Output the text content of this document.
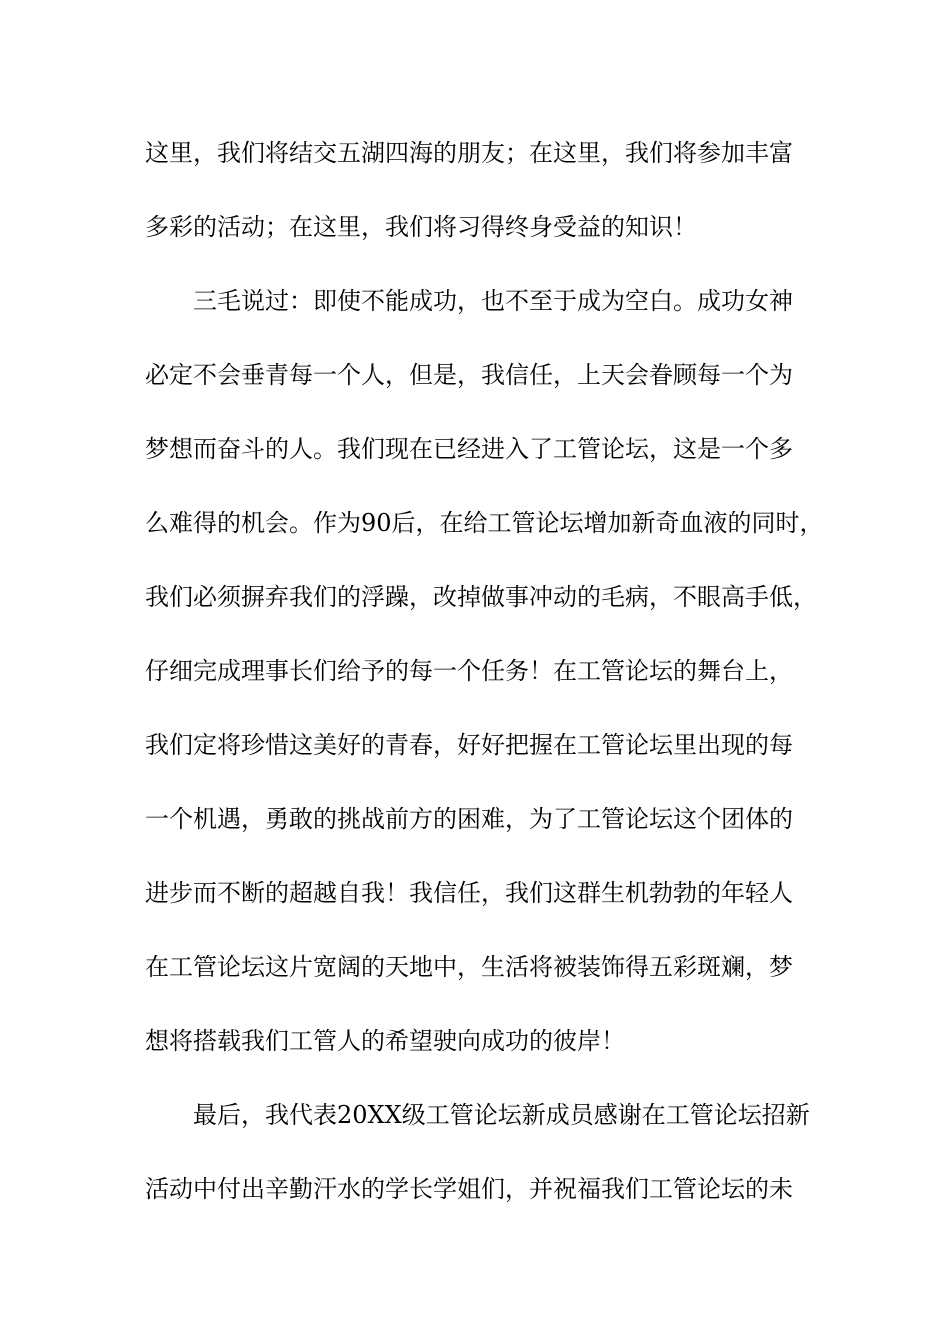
这里，我们将结交五湖四海的朋友；在这里，我们将参加丰富
多彩的活动；在这里，我们将习得终身受益的知识！
三毛说过：即使不能成功，也不至于成为空白。成功女神
必定不会垂青每一个人，但是，我信任，上天会眷顾每一个为
梦想而奋斗的人。我们现在已经进入了工管论坛，这是一个多
么难得的机会。作为90后，在给工管论坛增加新奇血液的同时，
我们必须摒弃我们的浮躁，改掉做事冲动的毛病，不眼高手低，
仔细完成理事长们给予的每一个任务！在工管论坛的舞台上，
我们定将珍惜这美好的青春，好好把握在工管论坛里出现的每
一个机遇，勇敢的挑战前方的困难，为了工管论坛这个团体的
进步而不断的超越自我！我信任，我们这群生机勃勃的年轻人
在工管论坛这片宽阔的天地中，生活将被装饰得五彩斑斓，梦
想将搭载我们工管人的希望驶向成功的彼岸！
最后，我代表20XX级工管论坛新成员感谢在工管论坛招新
活动中付出辛勤汗水的学长学姐们，并祝福我们工管论坛的未
